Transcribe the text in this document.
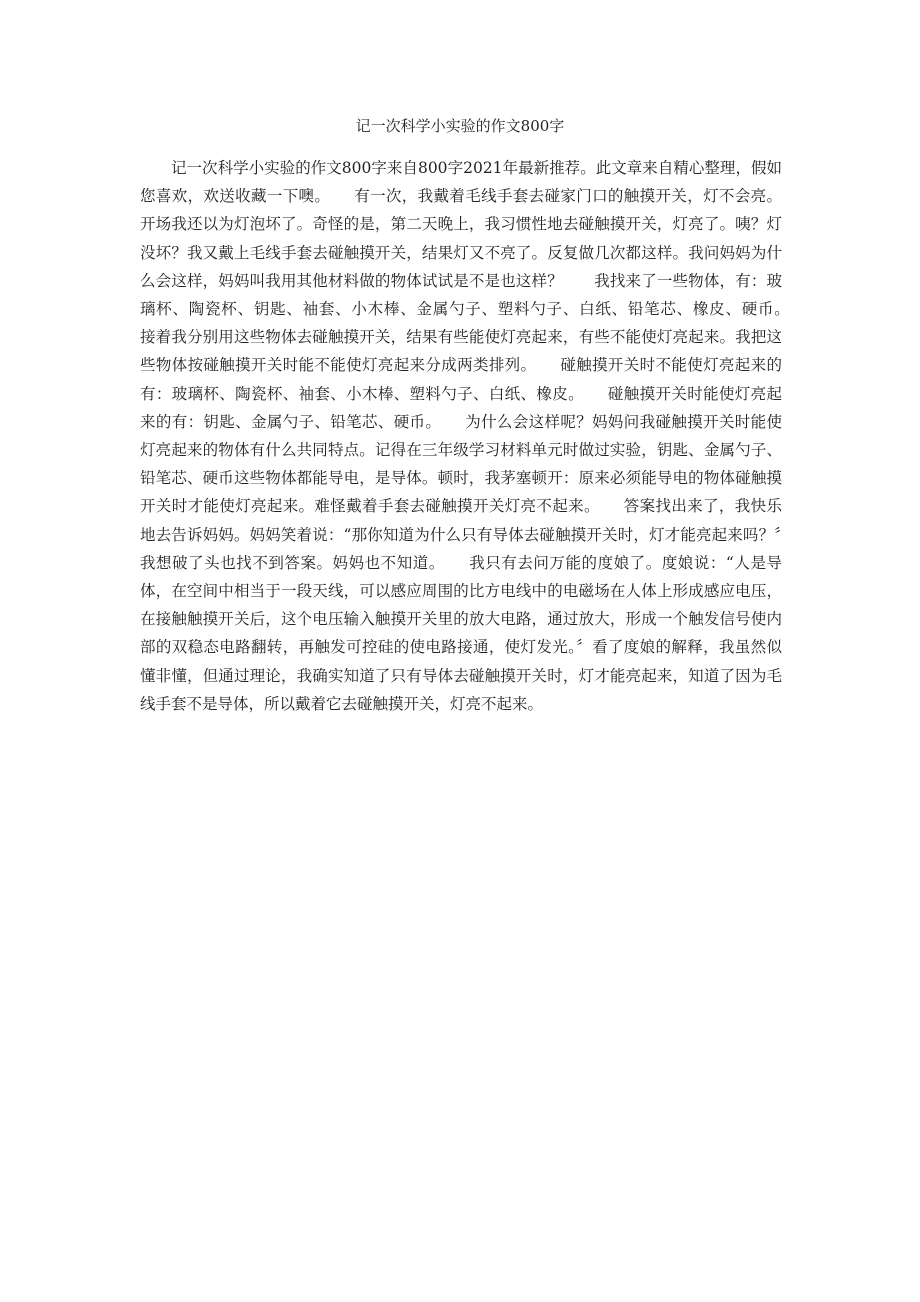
记一次科学小实验的作文800字

记一次科学小实验的作文800字来自800字2021年最新推荐。此文章来自精心整理，假如您喜欢，欢送收藏一下噢。　　有一次，我戴着毛线手套去碰家门口的触摸开关，灯不会亮。开场我还以为灯泡坏了。奇怪的是，第二天晚上，我习惯性地去碰触摸开关，灯亮了。咦？灯没坏？我又戴上毛线手套去碰触摸开关，结果灯又不亮了。反复做几次都这样。我问妈妈为什么会这样，妈妈叫我用其他材料做的物体试试是不是也这样？　　我找来了一些物体，有：玻璃杯、陶瓷杯、钥匙、袖套、小木棒、金属勺子、塑料勺子、白纸、铅笔芯、橡皮、硬币。　　接着我分别用这些物体去碰触摸开关，结果有些能使灯亮起来，有些不能使灯亮起来。我把这些物体按碰触摸开关时能不能使灯亮起来分成两类排列。　　碰触摸开关时不能使灯亮起来的有：玻璃杯、陶瓷杯、袖套、小木棒、塑料勺子、白纸、橡皮。　　碰触摸开关时能使灯亮起来的有：钥匙、金属勺子、铅笔芯、硬币。　　为什么会这样呢？妈妈问我碰触摸开关时能使灯亮起来的物体有什么共同特点。记得在三年级学习材料单元时做过实验，钥匙、金属勺子、铅笔芯、硬币这些物体都能导电，是导体。顿时，我茅塞顿开：原来必须能导电的物体碰触摸开关时才能使灯亮起来。难怪戴着手套去碰触摸开关灯亮不起来。　　答案找出来了，我快乐地去告诉妈妈。妈妈笑着说：“那你知道为什么只有导体去碰触摸开关时，灯才能亮起来吗？〞我想破了头也找不到答案。妈妈也不知道。　　我只有去问万能的度娘了。度娘说：“人是导体，在空间中相当于一段天线，可以感应周围的比方电线中的电磁场在人体上形成感应电压，在接触触摸开关后，这个电压输入触摸开关里的放大电路，通过放大，形成一个触发信号使内部的双稳态电路翻转，再触发可控硅的使电路接通，使灯发光。〞看了度娘的解释，我虽然似懂非懂，但通过理论，我确实知道了只有导体去碰触摸开关时，灯才能亮起来，知道了因为毛线手套不是导体，所以戴着它去碰触摸开关，灯亮不起来。
